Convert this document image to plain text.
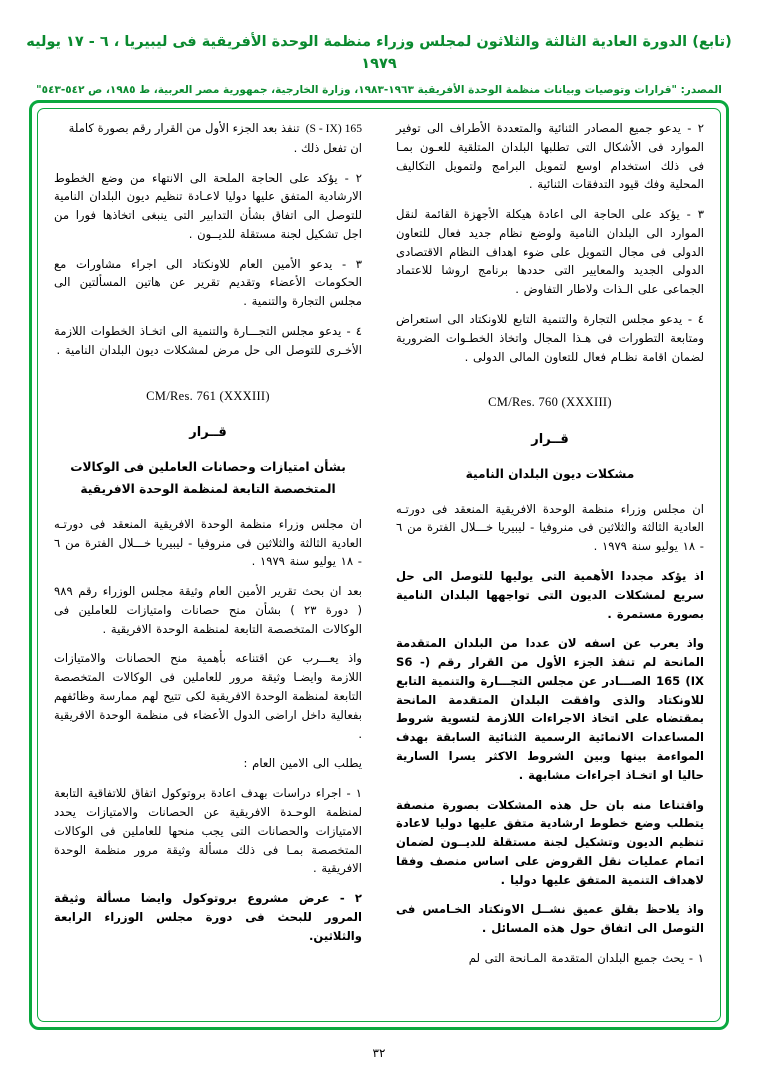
(تابع) الدورة العادية الثالثة والثلاثون لمجلس وزراء منظمة الوحدة الأفريقية فى ليبيريا ، ٦ - ١٧ يوليه ١٩٧٩
المصدر: "قرارات وتوصيات وبيانات منظمة الوحدة الأفريقية ١٩٦٣-١٩٨٣، وزارة الخارجية، جمهورية مصر العربية، ط ١٩٨٥، ص ٥٤٢-٥٤٣"

٢ - يدعو جميع المصادر الثنائية والمتعددة الأطراف الى توفير الموارد فى الأشكال التى تطلبها البلدان المتلقية للعـون بمـا فى ذلك استخدام اوسع لتمويل البرامج ولتمويل التكاليف المحلية وفك قيود التدفقات الثنائية .

٣ - يؤكد على الحاجة الى اعادة هيكلة الأجهزة القائمة لنقل الموارد الى البلدان النامية ولوضع نظام جديد فعال للتعاون الدولى فى مجال التمويل على ضوء اهداف النظام الاقتصادى الدولى الجديد والمعايير التى حددها برنامج اروشا للاعتماد الجماعى على الـذات ولاطار التفاوض .

٤ - يدعو مجلس التجارة والتنمية التابع للاونكتاد الى استعراض ومتابعة التطورات فى هـذا المجال واتخاذ الخطـوات الضرورية لضمان اقامة نظـام فعال للتعاون المالى الدولى .

CM/Res. 760 (XXXIII)
قــرار
مشكلات ديون البلدان النامية

ان مجلس وزراء منظمة الوحدة الافريقية المنعقد فى دورتـه العادية الثالثة والثلاثين فى منروفيا - ليبيريا خـــلال الفترة من ٦ - ١٨ يوليو سنة ١٩٧٩ .

اذ يؤكد مجددا الأهمية التى يوليها للتوصل الى حل سريع لمشكلات الديون التى تواجهها البلدان النامية بصورة مستمرة .

واذ يعرب عن اسفه لان عددا من البلدان المتقدمة المانحة لم تنفذ الجزء الأول من القرار رقم (S6 - IX) 165 الصـــادر عن مجلس التجـــارة والتنمية التابع للاونكتاد والذى وافقت البلدان المتقدمة المانحة بمقتضاه على اتخاذ الاجراءات اللازمة لتسوية شروط المساعدات الانمائية الرسمية الثنائية السابقة بهدف المواءمة بينها وبين الشروط الاكثر يسرا السارية حاليا او اتخـاذ اجراءات مشابهة .

واقتناعا منه بان حل هذه المشكلات بصورة منصفة يتطلب وضع خطوط ارشادية متفق عليها دوليا لاعادة تنظيم الديون وتشكيل لجنة مستقلة للديــون لضمان اتمام عمليات نقل القروض على اساس منصف وفقا لاهداف التنمية المتفق عليها دوليا .

واذ يلاحظ بقلق عميق نشــل الاونكتاد الخـامس فى التوصل الى اتفاق حول هذه المسائل .

١ - يحث جميع البلدان المتقدمة المـانحة التى لم

(S - IX) 165تنفذ بعد الجزء الأول من القرار رقم بصورة كاملة ان تفعل ذلك .

٢ - يؤكد على الحاجة الملحة الى الانتهاء من وضع الخطوط الارشادية المتفق عليها دوليا لاعـادة تنظيم ديون البلدان النامية للتوصل الى اتفاق بشأن التدابير التى ينبغى اتخاذها فورا من اجل تشكيل لجنة مستقلة للديــون .

٣ - يدعو الأمين العام للاونكتاد الى اجراء مشاورات مع الحكومات الأعضاء وتقديم تقرير عن هاتين المسألتين الى مجلس التجارة والتنمية .

٤ - يدعو مجلس التجـــارة والتنمية الى اتخـاذ الخطوات اللازمة الأخـرى للتوصل الى حل مرض لمشكلات ديون البلدان النامية .

CM/Res. 761 (XXXIII)
قــرار
بشأن امتيازات وحصانات العاملين فى الوكالات المتخصصة التابعة لمنظمة الوحدة الافريقية

ان مجلس وزراء منظمة الوحدة الافريقية المنعقد فى دورتـه العادية الثالثة والثلاثين فى منروفيا - ليبيريا خـــلال الفترة من ٦ - ١٨ يوليو سنة ١٩٧٩ .

بعد ان بحث تقرير الأمين العام وثيقة مجلس الوزراء رقم ٩٨٩ ( دورة ٢٣ ) بشأن منح حصانات وامتيازات للعاملين فى الوكالات المتخصصة التابعة لمنظمة الوحدة الافريقية .

واذ يعـــرب عن اقتناعه بأهمية منح الحصانات والامتيازات اللازمة وايضـا وثيقة مرور للعاملين فى الوكالات المتخصصة التابعة لمنظمة الوحدة الافريقية لكى تتيح لهم ممارسة وظائفهم بفعالية داخل اراضى الدول الأعضاء فى منظمة الوحدة الافريقية .

يطلب الى الامين العام :

١ - اجراء دراسات بهدف اعادة بروتوكول اتفاق للاتفاقية التابعة لمنظمة الوحـدة الافريقية عن الحصانات والامتيازات يحدد الامتيازات والحصانات التى يجب منحها للعاملين فى الوكالات المتخصصة بمـا فى ذلك مسألة وثيقة مرور منظمة الوحدة الافريقية .

٢ - عرض مشروع بروتوكول وايضا مسألة وثيقة المرور للبحث فى دورة مجلس الوزراء الرابعة والثلاثين.

٣٢
